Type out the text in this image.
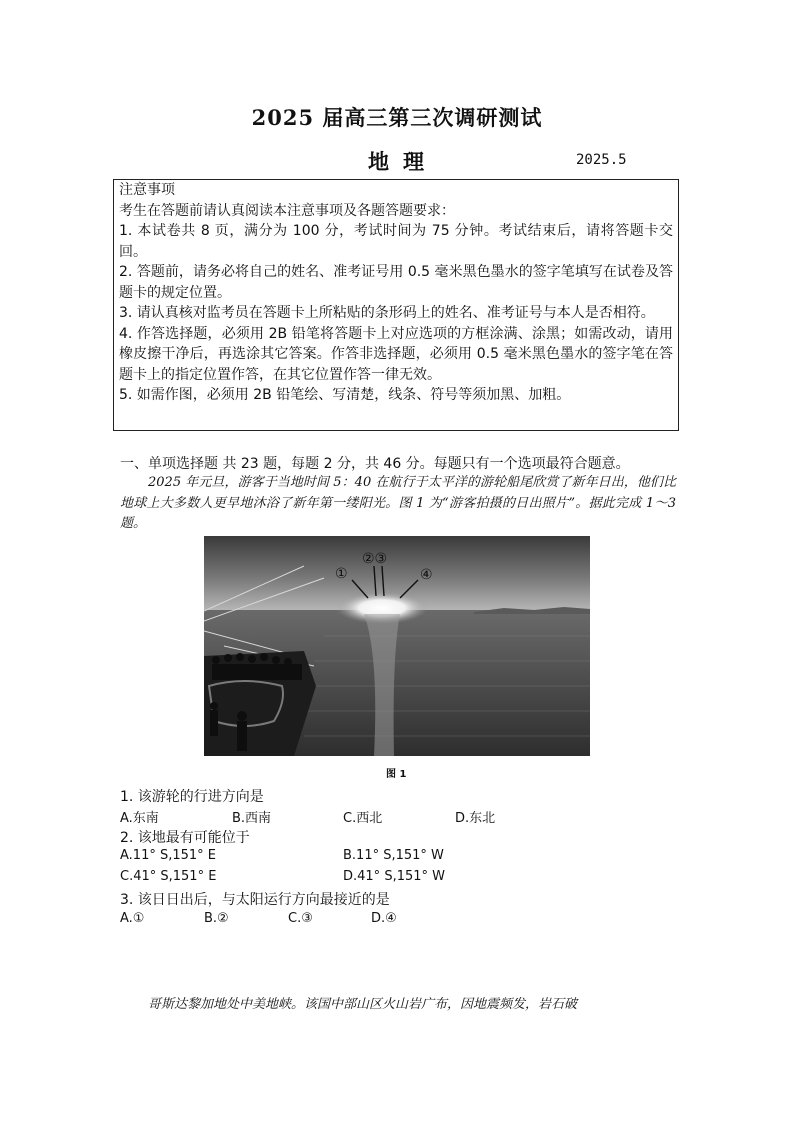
2025 届高三第三次调研测试
地理	2025.5

注意事项

考生在答题前请认真阅读本注意事项及各题答题要求：

1. 本试卷共 8 页，满分为 100 分，考试时间为 75 分钟。考试结束后，请将答题卡交回。

2. 答题前，请务必将自己的姓名、准考证号用 0.5 毫米黑色墨水的签字笔填写在试卷及答题卡的规定位置。

3. 请认真核对监考员在答题卡上所粘贴的条形码上的姓名、准考证号与本人是否相符。

4. 作答选择题，必须用 2B 铅笔将答题卡上对应选项的方框涂满、涂黑；如需改动，请用橡皮擦干净后，再选涂其它答案。作答非选择题，必须用 0.5 毫米黑色墨水的签字笔在答题卡上的指定位置作答，在其它位置作答一律无效。

5. 如需作图，必须用 2B 铅笔绘、写清楚，线条、符号等须加黑、加粗。

一、单项选择题 共 23 题，每题 2 分，共 46 分。每题只有一个选项最符合题意。
2025 年元旦，游客于当地时间 5：40 在航行于太平洋的游轮船尾欣赏了新年日出，他们比地球上大多数人更早地沐浴了新年第一缕阳光。图 1 为“游客拍摄的日出照片”。据此完成 1～3 题。
①
②③
④
图 1
1. 该游轮的行进方向是
A.东南	B.西南	C.西北	D.东北
2. 该地最有可能位于
A.11° S,151° E	B.11° S,151° W
C.41° S,151° E	D.41° S,151° W
3. 该日日出后，与太阳运行方向最接近的是
A.①	B.②	C.③	D.④
哥斯达黎加地处中美地峡。该国中部山区火山岩广布，因地震频发，岩石破
